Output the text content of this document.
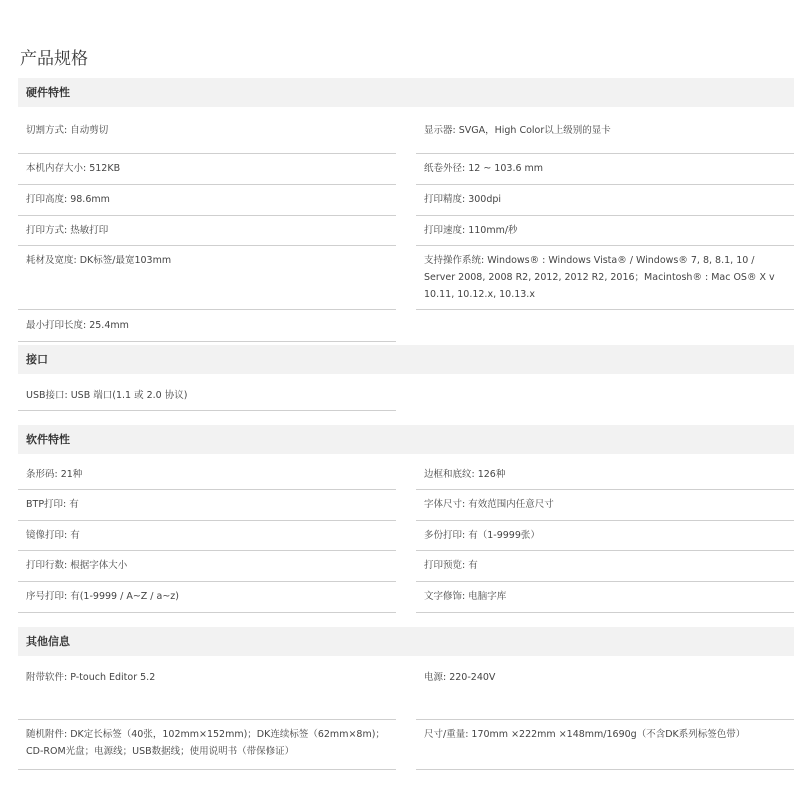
产品规格
硬件特性
切割方式: 自动剪切
本机内存大小: 512KB
打印高度: 98.6mm
打印方式: 热敏打印
耗材及宽度: DK标签/最宽103mm
最小打印长度: 25.4mm
显示器: SVGA，High Color以上级别的显卡
纸卷外径: 12 ~ 103.6 mm
打印精度: 300dpi
打印速度: 110mm/秒
支持操作系统: Windows® : Windows Vista® / Windows® 7, 8, 8.1, 10 / Server 2008, 2008 R2, 2012, 2012 R2, 2016；Macintosh® : Mac OS® X v 10.11, 10.12.x, 10.13.x
接口
USB接口: USB 端口(1.1 或 2.0 协议)
软件特性
条形码: 21种
BTP打印: 有
镜像打印: 有
打印行数: 根据字体大小
序号打印: 有(1-9999 / A~Z / a~z)
边框和底纹: 126种
字体尺寸: 有效范围内任意尺寸
多份打印: 有（1-9999张）
打印预览: 有
文字修饰: 电脑字库
其他信息
附带软件: P-touch Editor 5.2
随机附件: DK定长标签（40张，102mm×152mm)；DK连续标签（62mm×8m)；CD-ROM光盘；电源线；USB数据线；使用说明书（带保修证）
电源: 220-240V
尺寸/重量: 170mm ×222mm ×148mm/1690g（不含DK系列标签色带）
